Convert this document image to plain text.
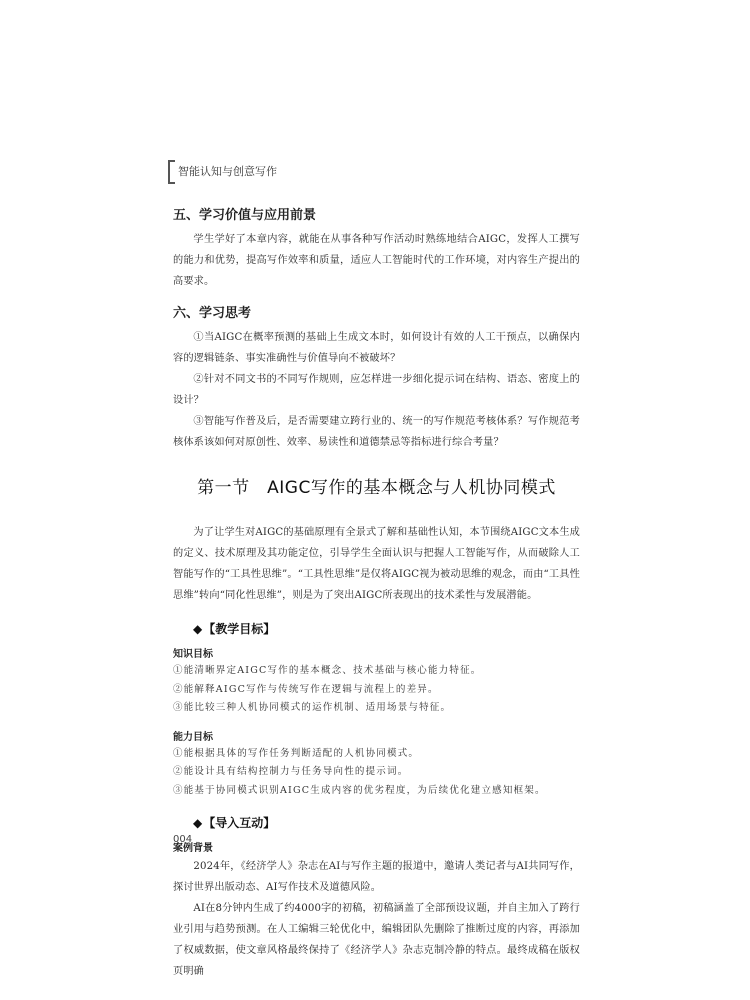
智能认知与创意写作
五、学习价值与应用前景

学生学好了本章内容，就能在从事各种写作活动时熟练地结合AIGC，发挥人工撰写的能力和优势，提高写作效率和质量，适应人工智能时代的工作环境，对内容生产提出的高要求。

六、学习思考

①当AIGC在概率预测的基础上生成文本时，如何设计有效的人工干预点，以确保内容的逻辑链条、事实准确性与价值导向不被破坏？

②针对不同文书的不同写作规则，应怎样进一步细化提示词在结构、语态、密度上的设计？

③智能写作普及后，是否需要建立跨行业的、统一的写作规范考核体系？写作规范考核体系该如何对原创性、效率、易读性和道德禁忌等指标进行综合考量？

第一节　AIGC写作的基本概念与人机协同模式

为了让学生对AIGC的基础原理有全景式了解和基础性认知，本节围绕AIGC文本生成的定义、技术原理及其功能定位，引导学生全面认识与把握人工智能写作，从而破除人工智能写作的“工具性思维”。“工具性思维”是仅将AIGC视为被动思维的观念，而由“工具性思维”转向“同化性思维”，则是为了突出AIGC所表现出的技术柔性与发展潜能。

◆【教学目标】
知识目标

①能清晰界定AIGC写作的基本概念、技术基础与核心能力特征。

②能解释AIGC写作与传统写作在逻辑与流程上的差异。

③能比较三种人机协同模式的运作机制、适用场景与特征。

能力目标

①能根据具体的写作任务判断适配的人机协同模式。

②能设计具有结构控制力与任务导向性的提示词。

③能基于协同模式识别AIGC生成内容的优劣程度，为后续优化建立感知框架。

◆【导入互动】
案例背景

2024年，《经济学人》杂志在AI与写作主题的报道中，邀请人类记者与AI共同写作，探讨世界出版动态、AI写作技术及道德风险。

AI在8分钟内生成了约4000字的初稿，初稿涵盖了全部预设议题，并自主加入了跨行业引用与趋势预测。在人工编辑三轮优化中，编辑团队先删除了推断过度的内容，再添加了权威数据，使文章风格最终保持了《经济学人》杂志克制冷静的特点。最终成稿在版权页明确

004
